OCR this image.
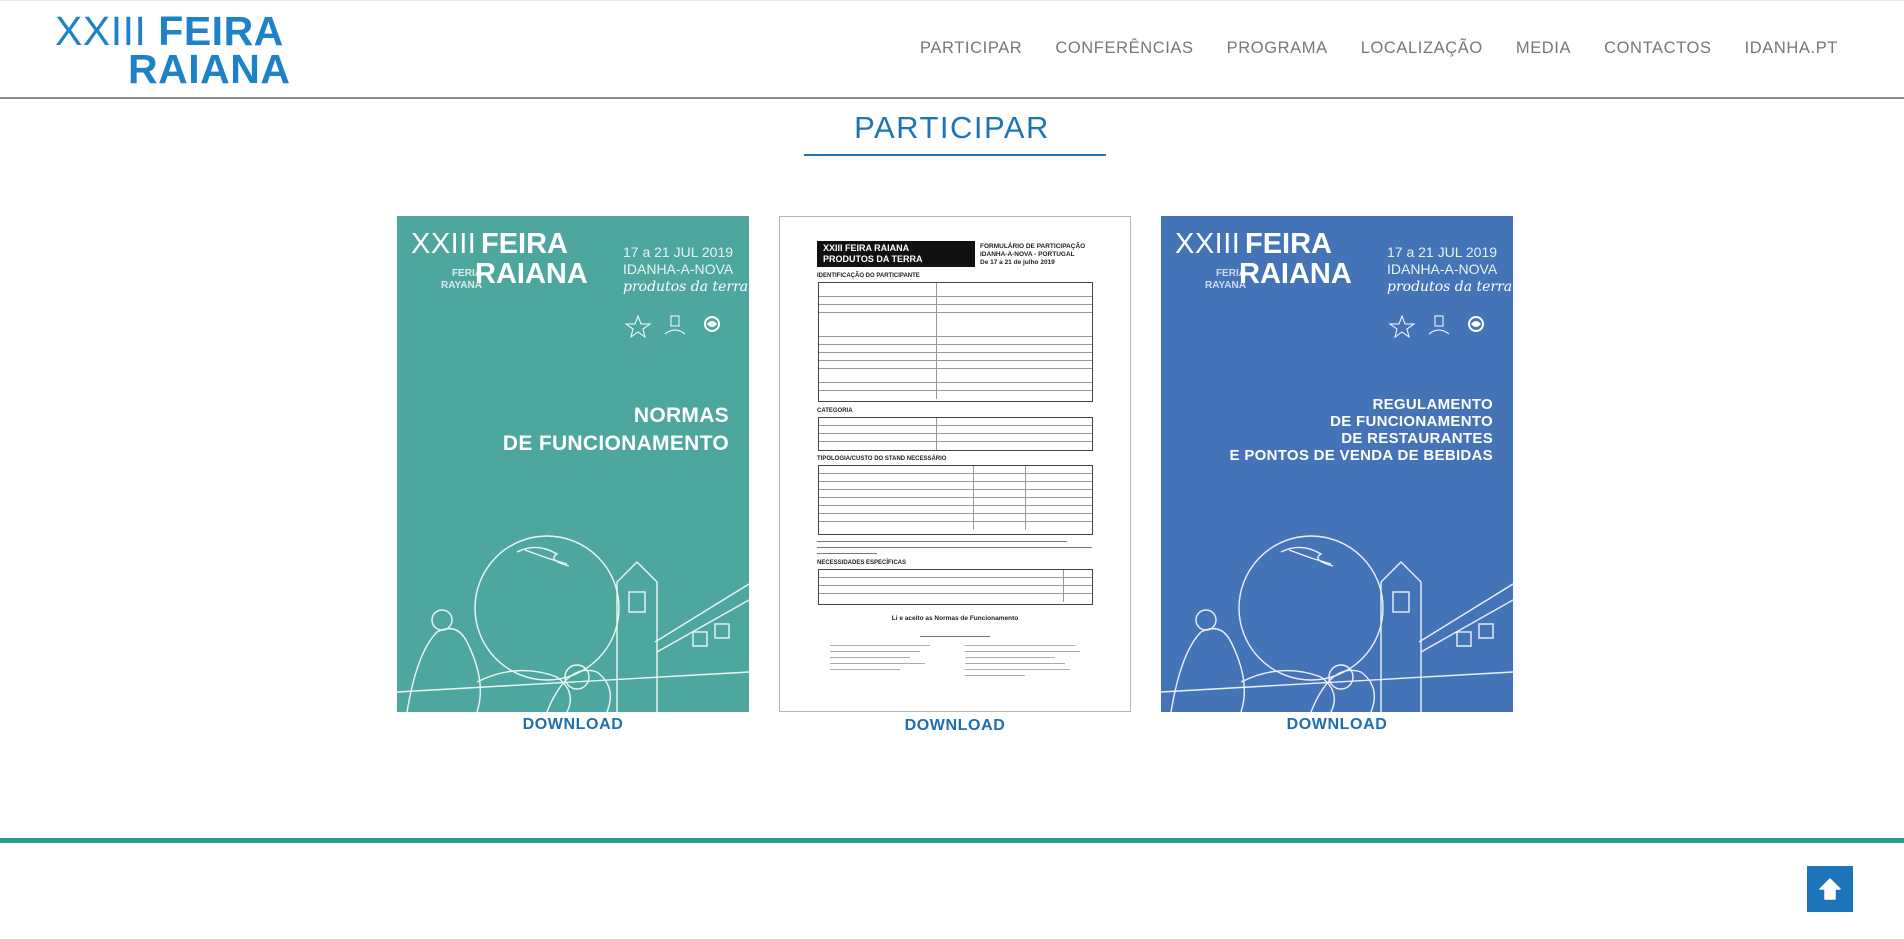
XXIII FEIRA
RAIANA	PARTICIPAR CONFERÊNCIAS PROGRAMA LOCALIZAÇÃO MEDIA CONTACTOS IDANHA.PT
PARTICIPAR
XXIII FEIRA
FERIA
RAYANA
RAIANA
17 a 21 JUL 2019
IDANHA-A-NOVA
produtos da terra
NORMAS
DE FUNCIONAMENTO
DOWNLOAD
XXIII FEIRA RAIANA
PRODUTOS DA TERRA
FORMULÁRIO DE PARTICIPAÇÃO
IDANHA-A-NOVA - PORTUGAL
De 17 a 21 de julho 2019
IDENTIFICAÇÃO DO PARTICIPANTE
CATEGORIA
TIPOLOGIA/CUSTO DO STAND NECESSÁRIO
NECESSIDADES ESPECÍFICAS
Li e aceito as Normas de Funcionamento
DOWNLOAD
XXIII FEIRA
FERIA
RAYANA
RAIANA
17 a 21 JUL 2019
IDANHA-A-NOVA
produtos da terra
REGULAMENTO
DE FUNCIONAMENTO
DE RESTAURANTES
E PONTOS DE VENDA DE BEBIDAS
DOWNLOAD
